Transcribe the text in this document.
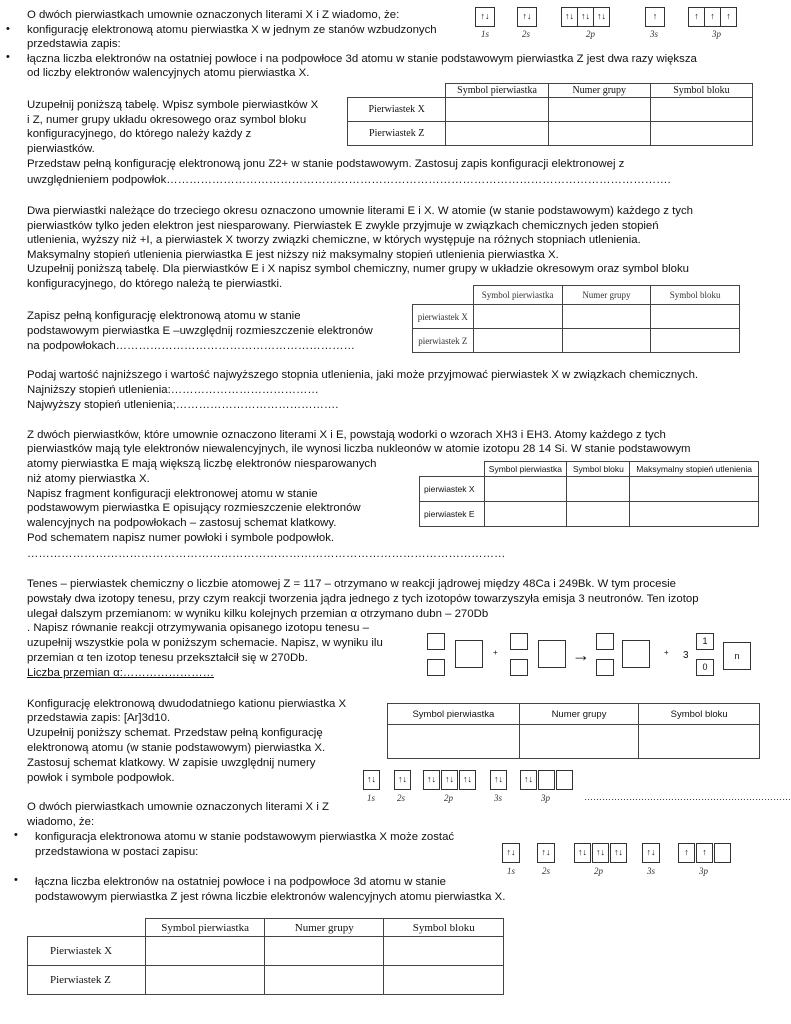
O dwóch pierwiastkach umownie oznaczonych literami X i Z wiadomo, że:
• konfigurację elektronową atomu pierwiastka X w jednym ze stanów wzbudzonych
przedstawia zapis:
• łączna liczba elektronów na ostatniej powłoce i na podpowłoce 3d atomu w stanie podstawowym pierwiastka Z jest dwa razy większa
od liczby elektronów walencyjnych atomu pierwiastka X.
↑↓	↑↓	↑↓ ↑↓ ↑↓	↑	↑	↑	↑
1s	2s	2p	3s	3p
Uzupełnij poniższą tabelę. Wpisz symbole pierwiastków X
i Z, numer grupy układu okresowego oraz symbol bloku
konfiguracyjnego, do którego należy każdy z
pierwiastków.
Przedstaw pełną konfigurację elektronową jonu Z2+ w stanie podstawowym. Zastosuj zapis konfiguracji elektronowej z
uwzględnieniem podpowłok…………………………………………………………………………………………………………………….
	Symbol pierwiastka	Numer grupy	Symbol bloku
Pierwiastek X			
Pierwiastek Z			
Dwa pierwiastki należące do trzeciego okresu oznaczono umownie literami E i X. W atomie (w stanie podstawowym) każdego z tych
pierwiastków tylko jeden elektron jest niesparowany. Pierwiastek E zwykle przyjmuje w związkach chemicznych jeden stopień
utlenienia, wyższy niż +I, a pierwiastek X tworzy związki chemiczne, w których występuje na różnych stopniach utlenienia.
Maksymalny stopień utlenienia pierwiastka E jest niższy niż maksymalny stopień utlenienia pierwiastka X.
Uzupełnij poniższą tabelę. Dla pierwiastków E i X napisz symbol chemiczny, numer grupy w układzie okresowym oraz symbol bloku
konfiguracyjnego, do którego należą te pierwiastki.
Zapisz pełną konfigurację elektronową atomu w stanie
podstawowym pierwiastka E –uwzględnij rozmieszczenie elektronów
na podpowłokach………………………………………………………
	Symbol pierwiastka	Numer grupy	Symbol bloku
pierwiastek X			
pierwiastek Z			
Podaj wartość najniższego i wartość najwyższego stopnia utlenienia, jaki może przyjmować pierwiastek X w związkach chemicznych.
Najniższy stopień utlenienia:…………………………………
Najwyższy stopień utlenienia;…………………………………….
Z dwóch pierwiastków, które umownie oznaczono literami X i E, powstają wodorki o wzorach XH3 i EH3. Atomy każdego z tych
pierwiastków mają tyle elektronów niewalencyjnych, ile wynosi liczba nukleonów w atomie izotopu 28 14 Si. W stanie podstawowym
atomy pierwiastka E mają większą liczbę elektronów niesparowanych
niż atomy pierwiastka X.
Napisz fragment konfiguracji elektronowej atomu w stanie
podstawowym pierwiastka E opisujący rozmieszczenie elektronów
walencyjnych na podpowłokach – zastosuj schemat klatkowy.
Pod schematem napisz numer powłoki i symbole podpowłok.
………………………………………………………………………………………………………………
	Symbol pierwiastka	Symbol bloku	Maksymalny stopień utlenienia
pierwiastek X			
pierwiastek E			
Tenes – pierwiastek chemiczny o liczbie atomowej Z = 117 – otrzymano w reakcji jądrowej między 48Ca i 249Bk. W tym procesie
powstały dwa izotopy tenesu, przy czym reakcji tworzenia jądra jednego z tych izotopów towarzyszyła emisja 3 neutronów. Ten izotop
ulegał dalszym przemianom: w wyniku kilku kolejnych przemian α otrzymano dubn – 270Db
. Napisz równanie reakcji otrzymywania opisanego izotopu tenesu –
uzupełnij wszystkie pola w poniższym schemacie. Napisz, w wyniku ilu
przemian α ten izotop tenesu przekształcił się w 270Db.
Liczba przemian α:……………………
+	→	+ 3
1
0
n
Konfigurację elektronową dwudodatniego kationu pierwiastka X
przedstawia zapis: [Ar]3d10.
Uzupełnij poniższy schemat. Przedstaw pełną konfigurację
elektronową atomu (w stanie podstawowym) pierwiastka X.
Zastosuj schemat klatkowy. W zapisie uwzględnij numery
powłok i symbole podpowłok.
Symbol pierwiastka	Numer grupy	Symbol bloku

↑↓	↑↓	↑↓	↑↓	↑↓	↑↓	↑↓
1s 2s	2p	3s	3p	……………………………………………………………
O dwóch pierwiastkach umownie oznaczonych literami X i Z
wiadomo, że:
• konfiguracja elektronowa atomu w stanie podstawowym pierwiastka X może zostać
przedstawiona w postaci zapisu:
• łączna liczba elektronów na ostatniej powłoce i na podpowłoce 3d atomu w stanie
podstawowym pierwiastka Z jest równa liczbie elektronów walencyjnych atomu pierwiastka X.
↑↓	↑↓	↑↓	↑↓	↑↓	↑↓	↑	↑
1s	2s	2p	3s	3p
	Symbol pierwiastka	Numer grupy	Symbol bloku
Pierwiastek X			
Pierwiastek Z			
